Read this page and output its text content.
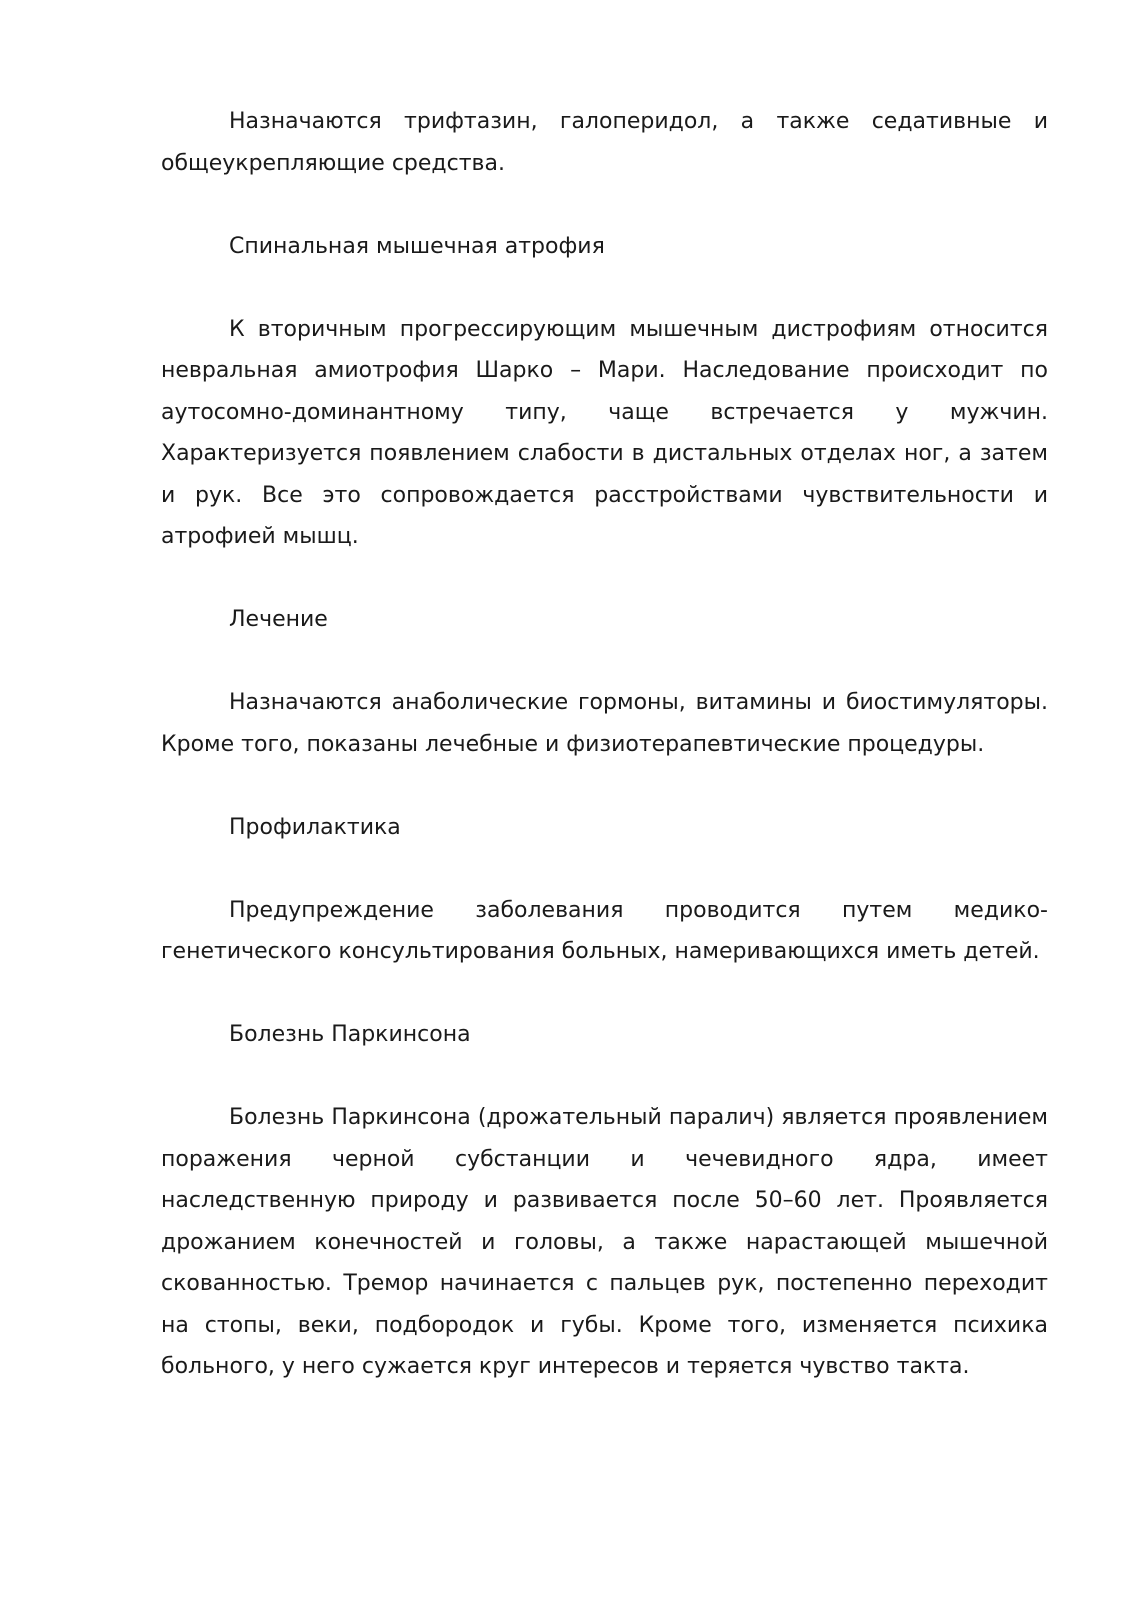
Назначаются трифтазин, галоперидол, а также седативные и общеукрепляющие средства.

Спинальная мышечная атрофия

К вторичным прогрессирующим мышечным дистрофиям относится невральная амиотрофия Шарко – Мари. Наследование происходит по аутосомно-доминантному типу, чаще встречается у мужчин. Характеризуется появлением слабости в дистальных отделах ног, а затем и рук. Все это сопровождается расстройствами чувствительности и атрофией мышц.

Лечение

Назначаются анаболические гормоны, витамины и биостимуляторы. Кроме того, показаны лечебные и физиотерапевтические процедуры.

Профилактика

Предупреждение заболевания проводится путем медико-генетического консультирования больных, намеривающихся иметь детей.

Болезнь Паркинсона

Болезнь Паркинсона (дрожательный паралич) является проявлением поражения черной субстанции и чечевидного ядра, имеет наследственную природу и развивается после 50–60 лет. Проявляется дрожанием конечностей и головы, а также нарастающей мышечной скованностью. Тремор начинается с пальцев рук, постепенно переходит на стопы, веки, подбородок и губы. Кроме того, изменяется психика больного, у него сужается круг интересов и теряется чувство такта.
